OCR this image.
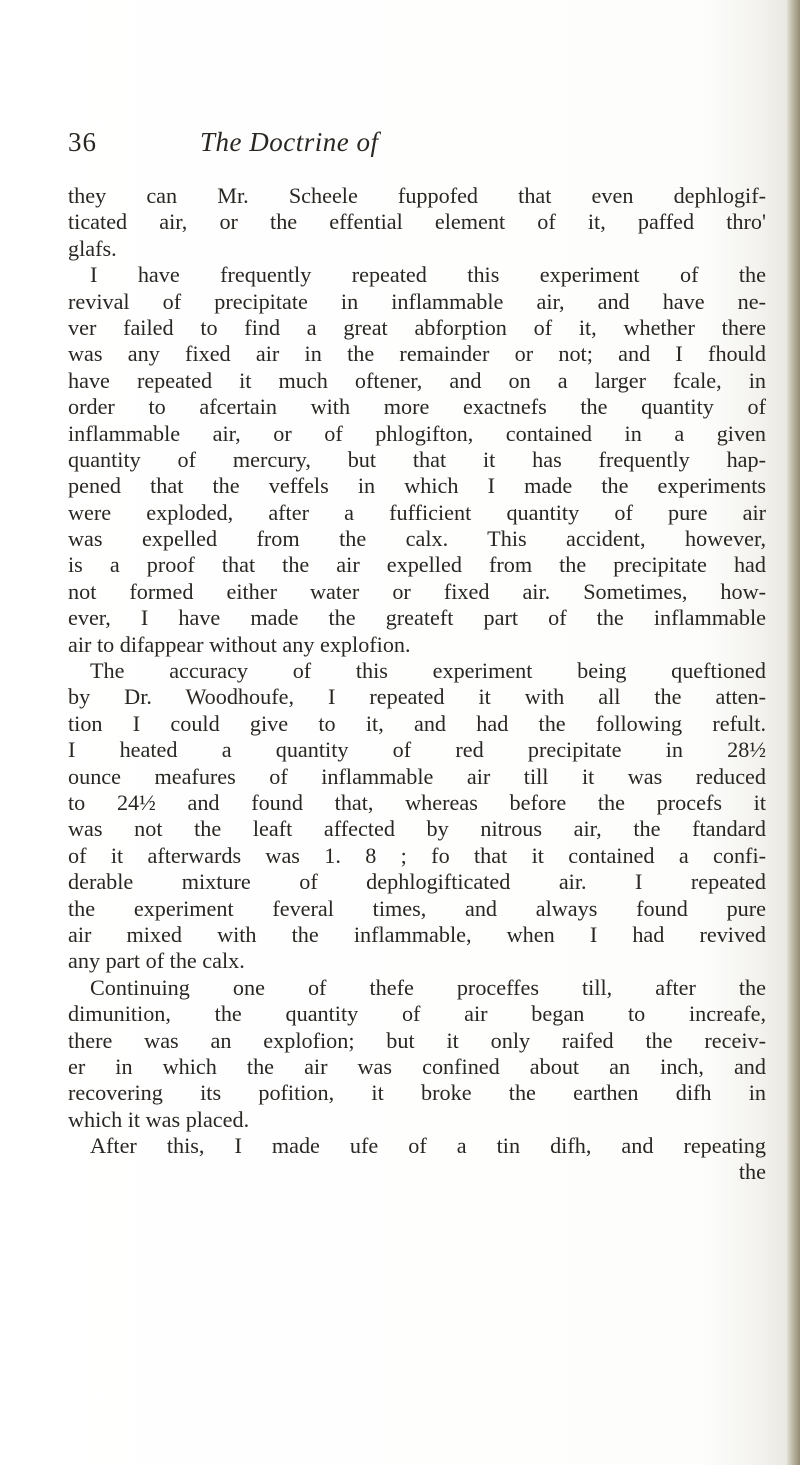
36	The Doctrine of
they can Mr. Scheele fuppofed that even dephlogif-
ticated air, or the effential element of it, paffed thro'
glafs.
I have frequently repeated this experiment of the
revival of precipitate in inflammable air, and have ne-
ver failed to find a great abforption of it, whether there
was any fixed air in the remainder or not; and I fhould
have repeated it much oftener, and on a larger fcale, in
order to afcertain with more exactnefs the quantity of
inflammable air, or of phlogifton, contained in a given
quantity of mercury, but that it has frequently hap-
pened that the veffels in which I made the experiments
were exploded, after a fufficient quantity of pure air
was expelled from the calx. This accident, however,
is a proof that the air expelled from the precipitate had
not formed either water or fixed air. Sometimes, how-
ever, I have made the greateft part of the inflammable
air to difappear without any explofion.
The accuracy of this experiment being queftioned
by Dr. Woodhoufe, I repeated it with all the atten-
tion I could give to it, and had the following refult.
I heated a quantity of red precipitate in 28½
ounce meafures of inflammable air till it was reduced
to 24½ and found that, whereas before the procefs it
was not the leaft affected by nitrous air, the ftandard
of it afterwards was 1. 8 ; fo that it contained a confi-
derable mixture of dephlogifticated air. I repeated
the experiment feveral times, and always found pure
air mixed with the inflammable, when I had revived
any part of the calx.
Continuing one of thefe proceffes till, after the
dimunition, the quantity of air began to increafe,
there was an explofion; but it only raifed the receiv-
er in which the air was confined about an inch, and
recovering its pofition, it broke the earthen difh in
which it was placed.
After this, I made ufe of a tin difh, and repeating
the
